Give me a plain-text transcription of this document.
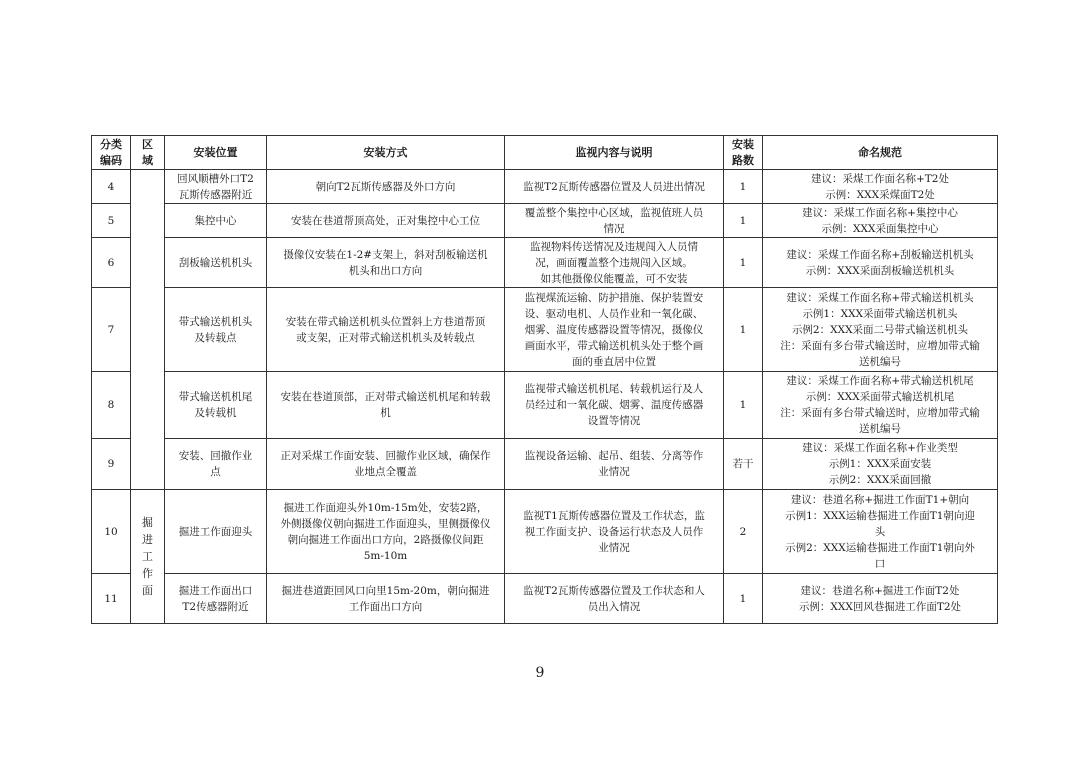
分类
编码	区
域	安装位置	安装方式	监视内容与说明	安装
路数	命名规范
4		回风顺槽外口T2
瓦斯传感器附近	朝向T2瓦斯传感器及外口方向	监视T2瓦斯传感器位置及人员进出情况	1	建议：采煤工作面名称+T2处
示例：XXX采煤面T2处
5		集控中心	安装在巷道帮顶高处，正对集控中心工位	覆盖整个集控中心区域，监视值班人员
情况	1	建议：采煤工作面名称+集控中心
示例：XXX采面集控中心
6		刮板输送机机头	摄像仪安装在1-2#支架上，斜对刮板输送机
机头和出口方向	监视物料传送情况及违规闯入人员情
况，画面覆盖整个违规闯入区域。
如其他摄像仪能覆盖，可不安装	1	建议：采煤工作面名称+刮板输送机机头
示例：XXX采面刮板输送机机头
7		带式输送机机头
及转载点	安装在带式输送机机头位置斜上方巷道帮顶
或支架，正对带式输送机机头及转载点	监视煤流运输、防护措施、保护装置安
设、驱动电机、人员作业和一氧化碳、
烟雾、温度传感器设置等情况，摄像仪
画面水平，带式输送机机头处于整个画
面的垂直居中位置	1	建议：采煤工作面名称+带式输送机机头
示例1：XXX采面带式输送机机头
示例2：XXX采面二号带式输送机机头
注：采面有多台带式输送时，应增加带式输
送机编号
8		带式输送机机尾
及转载机	安装在巷道顶部，正对带式输送机机尾和转载
机	监视带式输送机机尾、转载机运行及人
员经过和一氧化碳、烟雾、温度传感器
设置等情况	1	建议：采煤工作面名称+带式输送机机尾
示例：XXX采面带式输送机机尾
注：采面有多台带式输送时，应增加带式输
送机编号
9		安装、回撤作业
点	正对采煤工作面安装、回撤作业区域，确保作
业地点全覆盖	监视设备运输、起吊、组装、分离等作
业情况	若干	建议：采煤工作面名称+作业类型
示例1：XXX采面安装
示例2：XXX采面回撤
10	掘
进
工
作
面	掘进工作面迎头	掘进工作面迎头外10m-15m处，安装2路，
外侧摄像仪朝向掘进工作面迎头，里侧摄像仪
朝向掘进工作面出口方向，2路摄像仪间距
5m-10m	监视T1瓦斯传感器位置及工作状态，监
视工作面支护、设备运行状态及人员作
业情况	2	建议：巷道名称+掘进工作面T1+朝向
示例1：XXX运输巷掘进工作面T1朝向迎
头
示例2：XXX运输巷掘进工作面T1朝向外
口
11		掘进工作面出口
T2传感器附近	掘进巷道距回风口向里15m-20m，朝向掘进
工作面出口方向	监视T2瓦斯传感器位置及工作状态和人
员出入情况	1	建议：巷道名称+掘进工作面T2处
示例：XXX回风巷掘进工作面T2处
9
